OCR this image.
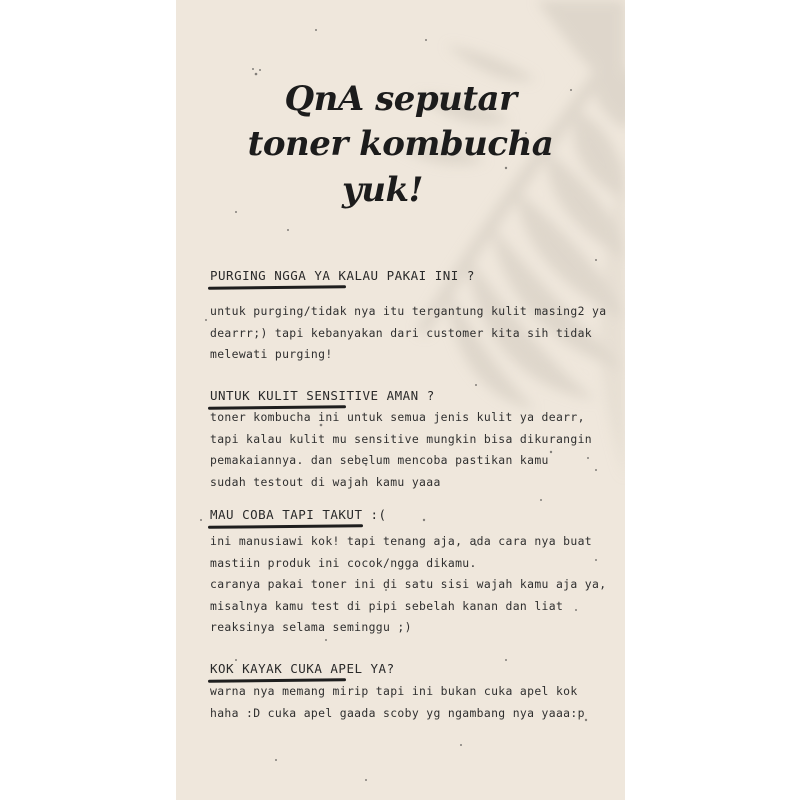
QnA seputar
toner kombucha
yuk!

PURGING NGGA YA KALAU PAKAI INI ?

untuk purging/tidak nya itu tergantung kulit masing2 ya
dearrr;) tapi kebanyakan dari customer kita sih tidak
melewati purging!

UNTUK KULIT SENSITIVE AMAN ?

toner kombucha ini untuk semua jenis kulit ya dearr,
tapi kalau kulit mu sensitive mungkin bisa dikurangin
pemakaiannya. dan sebelum mencoba pastikan kamu
sudah testout di wajah kamu yaaa

MAU COBA TAPI TAKUT :(

ini manusiawi kok! tapi tenang aja, ada cara nya buat
mastiin produk ini cocok/ngga dikamu.
caranya pakai toner ini di satu sisi wajah kamu aja ya,
misalnya kamu test di pipi sebelah kanan dan liat
reaksinya selama seminggu ;)

KOK KAYAK CUKA APEL YA?

warna nya memang mirip tapi ini bukan cuka apel kok
haha :D cuka apel gaada scoby yg ngambang nya yaaa:p
